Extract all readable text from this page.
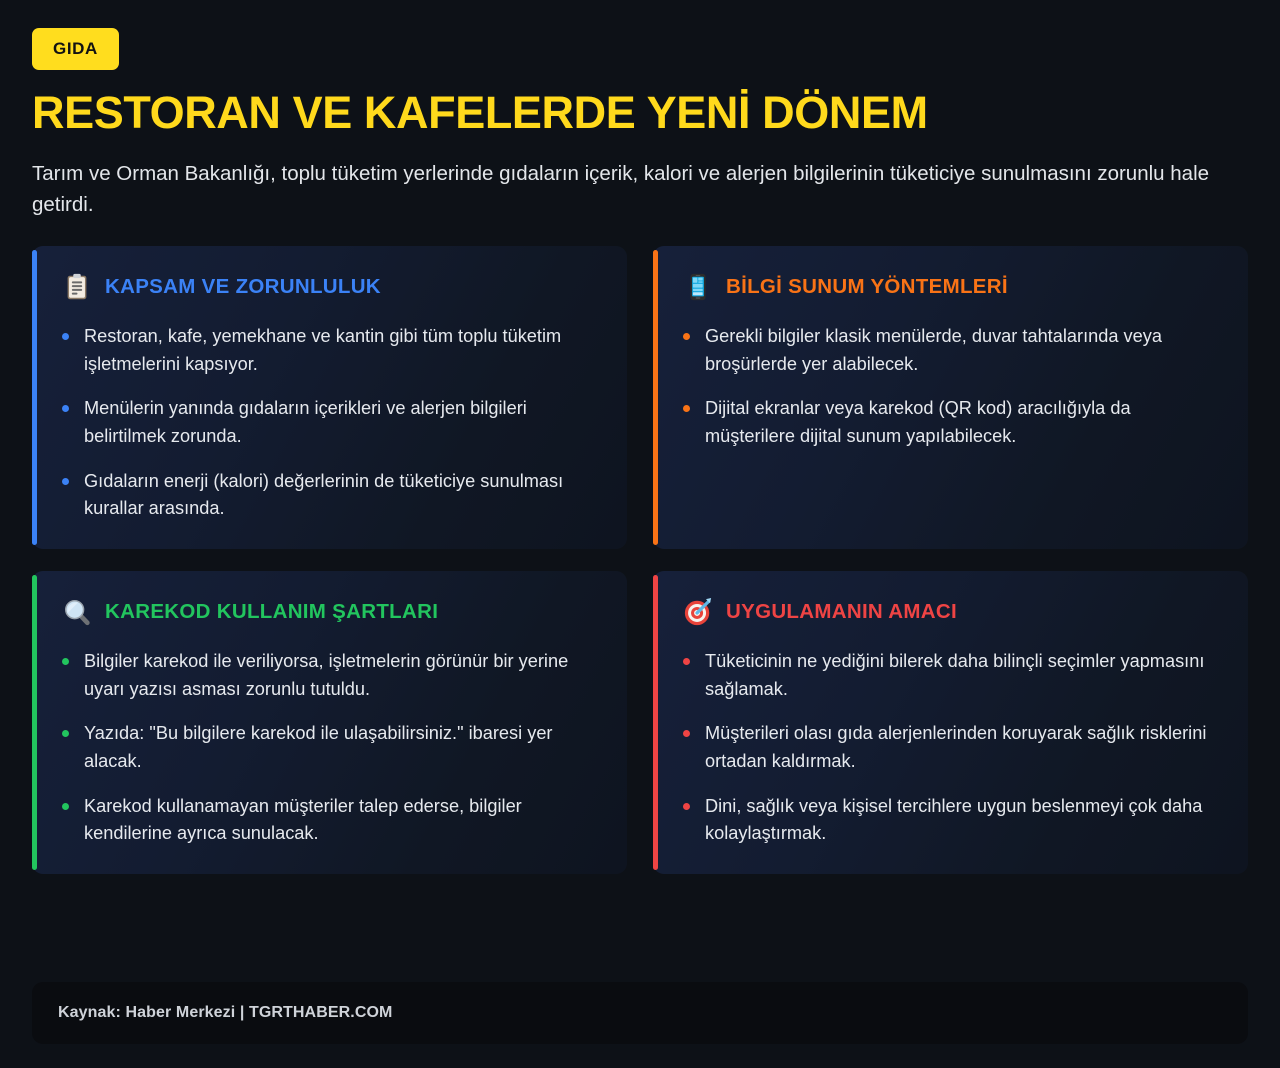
GIDA
RESTORAN VE KAFELERDE YENİ DÖNEM

Tarım ve Orman Bakanlığı, toplu tüketim yerlerinde gıdaların içerik, kalori ve alerjen bilgilerinin tüketiciye sunulmasını zorunlu hale getirdi.

KAPSAM VE ZORUNLULUK
Restoran, kafe, yemekhane ve kantin gibi tüm toplu tüketim işletmelerini kapsıyor.
Menülerin yanında gıdaların içerikleri ve alerjen bilgileri belirtilmek zorunda.
Gıdaların enerji (kalori) değerlerinin de tüketiciye sunulması kurallar arasında.
BİLGİ SUNUM YÖNTEMLERİ
Gerekli bilgiler klasik menülerde, duvar tahtalarında veya broşürlerde yer alabilecek.
Dijital ekranlar veya karekod (QR kod) aracılığıyla da müşterilere dijital sunum yapılabilecek.
KAREKOD KULLANIM ŞARTLARI
Bilgiler karekod ile veriliyorsa, işletmelerin görünür bir yerine uyarı yazısı asması zorunlu tutuldu.
Yazıda: "Bu bilgilere karekod ile ulaşabilirsiniz." ibaresi yer alacak.
Karekod kullanamayan müşteriler talep ederse, bilgiler kendilerine ayrıca sunulacak.
UYGULAMANIN AMACI
Tüketicinin ne yediğini bilerek daha bilinçli seçimler yapmasını sağlamak.
Müşterileri olası gıda alerjenlerinden koruyarak sağlık risklerini ortadan kaldırmak.
Dini, sağlık veya kişisel tercihlere uygun beslenmeyi çok daha kolaylaştırmak.
Kaynak: Haber Merkezi | TGRTHABER.COM
